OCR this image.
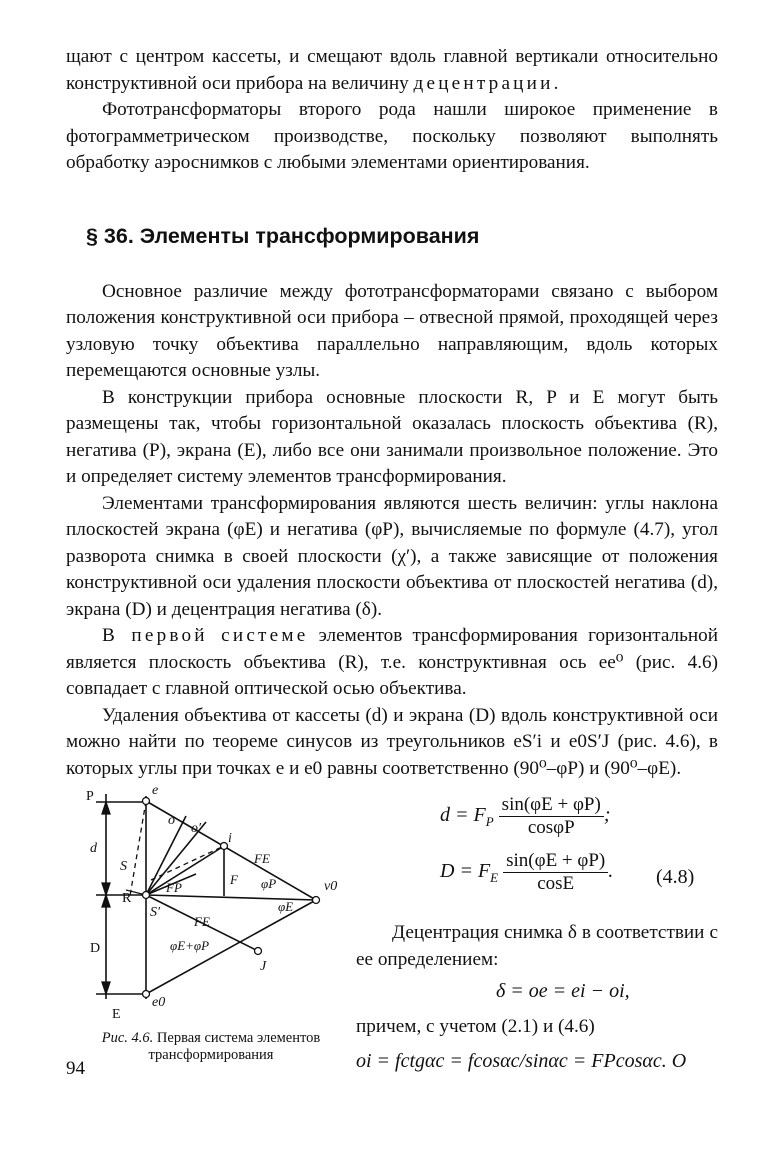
щают с центром кассеты, и смещают вдоль главной вертикали относительно конструктивной оси прибора на величину децентрации.

Фототрансформаторы второго рода нашли широкое применение в фотограмметрическом производстве, поскольку позволяют выполнять обработку аэроснимков с любыми элементами ориентирования.

§ 36. Элементы трансформирования

Основное различие между фототрансформаторами связано с выбором положения конструктивной оси прибора – отвесной прямой, проходящей через узловую точку объектива параллельно направляющим, вдоль которых перемещаются основные узлы.

В конструкции прибора основные плоскости R, P и E могут быть размещены так, чтобы горизонтальной оказалась плоскость объектива (R), негатива (P), экрана (E), либо все они занимали произвольное положение. Это и определяет систему элементов трансформирования.

Элементами трансформирования являются шесть величин: углы наклона плоскостей экрана (φE) и негатива (φP), вычисляемые по формуле (4.7), угол разворота снимка в своей плоскости (χ′), а также зависящие от положения конструктивной оси удаления плоскости объектива от плоскостей негатива (d), экрана (D) и децентрация негатива (δ).

В первой системе элементов трансформирования горизонтальной является плоскость объектива (R), т.е. конструктивная ось ee⁰ (рис. 4.6) совпадает с главной оптической осью объектива.

Удаления объектива от кассеты (d) и экрана (D) вдоль конструктивной оси можно найти по теореме синусов из треугольников eS′i и e0S′J (рис. 4.6), в которых углы при точках e и e0 равны соответственно (90⁰–φP) и (90⁰–φE).

P	e
o
o′
i
d
S
FE
F
FP	φP	v0
R
S′	φE
FE
φE+φP
J
D
E
e0
Рис. 4.6. Первая система элементов трансформирования
$d = F_P \frac{\sin(\varphi E + \varphi P)}{\cos\varphi P}$ ;
$D = F_E \frac{\sin(\varphi E + \varphi P)}{\cos E}$ . (4.8)

Децентрация снимка δ в соответствии с ее определением:

δ = oe = ei − oi,

причем, с учетом (2.1) и (4.6)

oi = fctgαc = fcosαc/sinαc = FPcosαc. O
94
